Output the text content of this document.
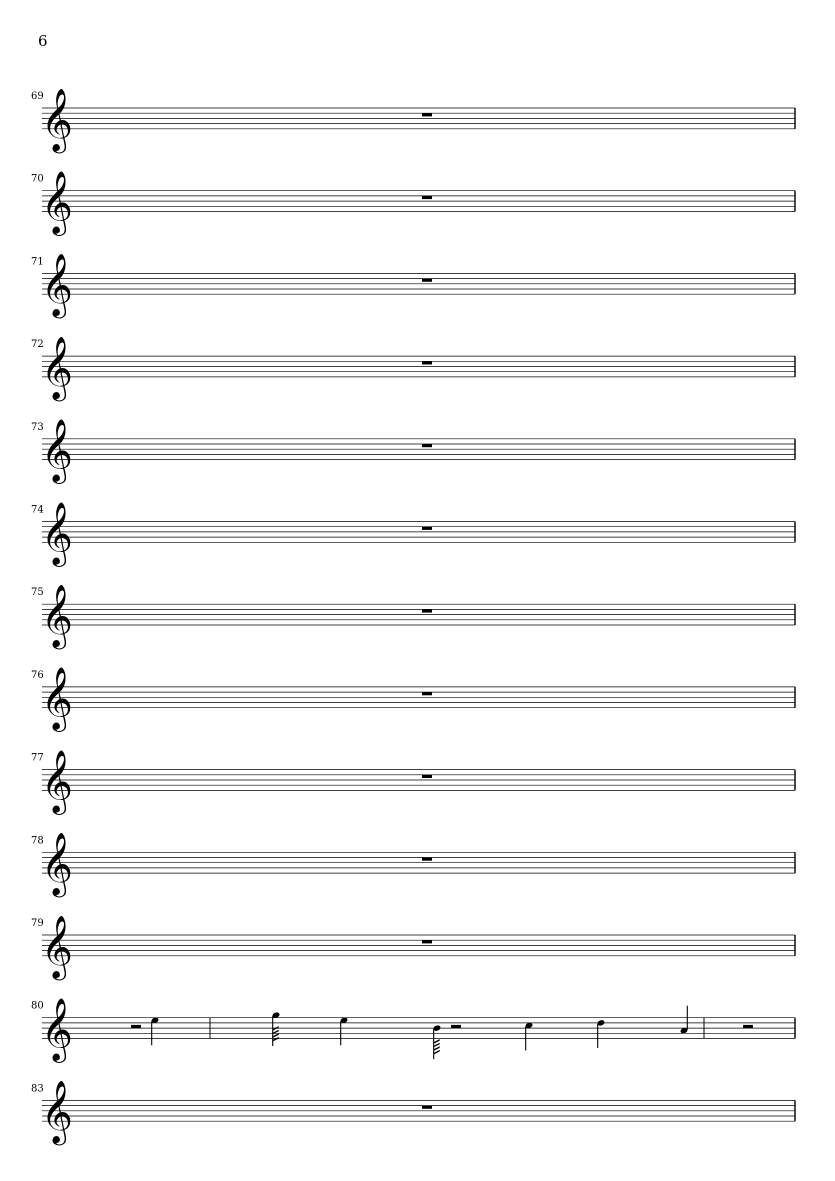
6
69
𝄞
70
𝄞
71
𝄞
72
𝄞
73
𝄞
74
𝄞
75
𝄞
76
𝄞
77
𝄞
78
𝄞
79
𝄞
80
𝄞
83
𝄞
